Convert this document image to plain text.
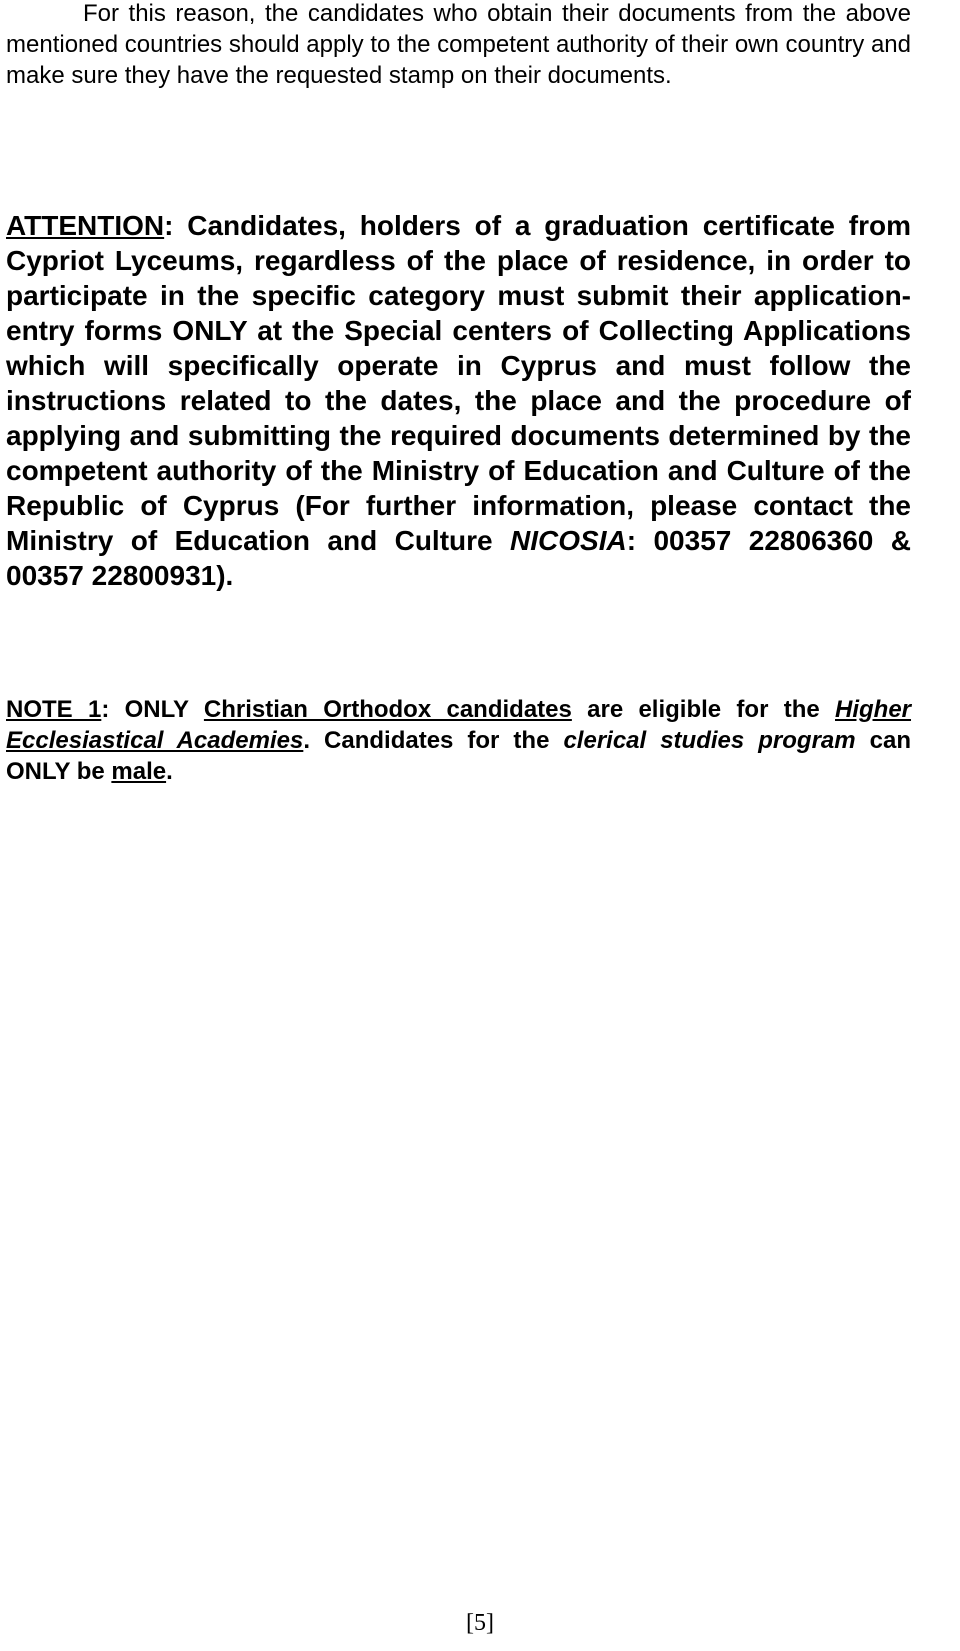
For this reason, the candidates who obtain their documents from the above mentioned countries should apply to the competent authority of their own country and make sure they have the requested stamp on their documents.

ATTENTION: Candidates, holders of a graduation certificate from Cypriot Lyceums, regardless of the place of residence, in order to participate in the specific category must submit their application-entry forms ONLY at the Special centers of Collecting Applications which will specifically operate in Cyprus and must follow the instructions related to the dates, the place and the procedure of applying and submitting the required documents determined by the competent authority of the Ministry of Education and Culture of the Republic of Cyprus (For further information, please contact the Ministry of Education and Culture NICOSIA: 00357 22806360 & 00357 22800931).

NOTE 1: ONLY Christian Orthodox candidates are eligible for the Higher Ecclesiastical Academies. Candidates for the clerical studies program can ONLY be male.

[5]
